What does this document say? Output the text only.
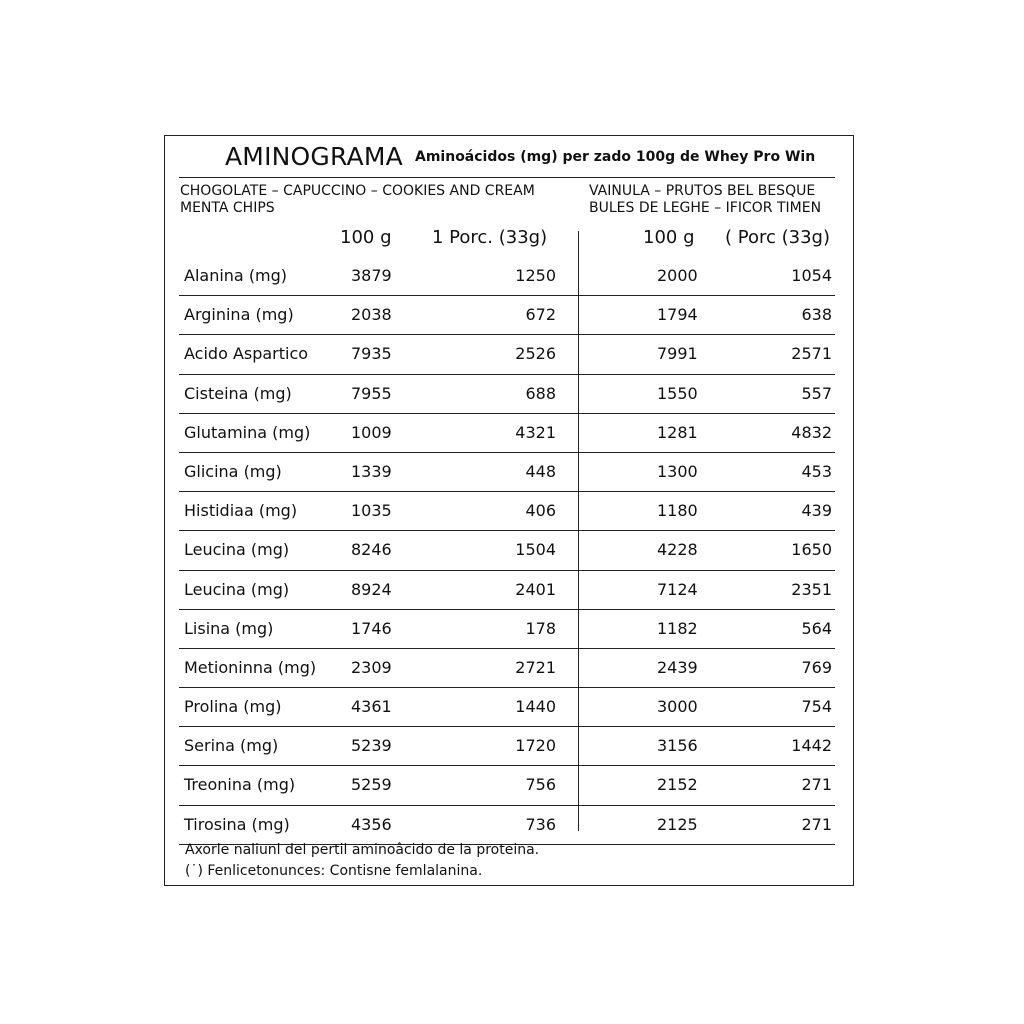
AMINOGRAMA Aminoácidos (mg) per zado 100g de Whey Pro Win
CHOGOLATE – CAPUCCINO – COOKIES AND CREAM
MENTA CHIPS
VAINULA – PRUTOS BEL BESQUE
BULES DE LEGHE – IFICOR TIMEN
100 g 1 Porc. (33g)	100 g ( Porc (33g)
Alanina (mg)	3879	1250	2000	1054
Arginina (mg)	2038	672	1794	638
Acido Aspartico	7935	2526	7991	2571
Cisteina (mg)	7955	688	1550	557
Glutamina (mg)	1009	4321	1281	4832
Glicina (mg)	1339	448	1300	453
Histidiaa (mg)	1035	406	1180	439
Leucina (mg)	8246	1504	4228	1650
Leucina (mg)	8924	2401	7124	2351
Lisina (mg)	1746	178	1182	564
Metioninna (mg) 2309	2721	2439	769
Prolina (mg)	4361	1440	3000	754
Serina (mg)	5239	1720	3156	1442
Treonina (mg)	5259	756	2152	271
Tirosina (mg)	4356	736	2125	271
Axorle naliunl del pertil aminoâcido de la proteina.
(˙) Fenlicetonunces: Contisne femlalanina.
